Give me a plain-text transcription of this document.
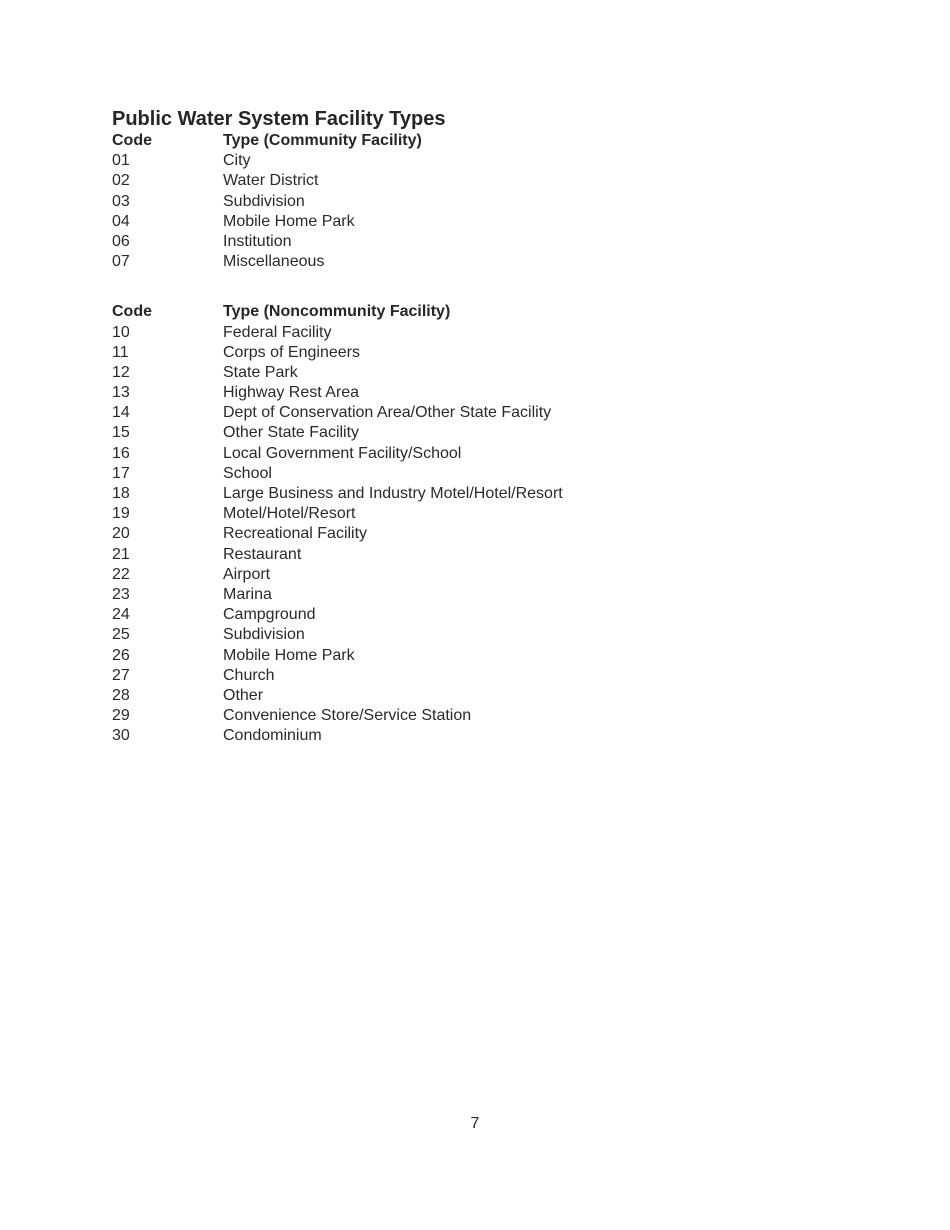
Public Water System Facility Types
Code	Type (Community Facility)
01	City
02	Water District
03	Subdivision
04	Mobile Home Park
06	Institution
07	Miscellaneous
Code	Type (Noncommunity Facility)
10	Federal Facility
11	Corps of Engineers
12	State Park
13	Highway Rest Area
14	Dept of Conservation Area/Other State Facility
15	Other State Facility
16	Local Government Facility/School
17	School
18	Large Business and Industry Motel/Hotel/Resort
19	Motel/Hotel/Resort
20	Recreational Facility
21	Restaurant
22	Airport
23	Marina
24	Campground
25	Subdivision
26	Mobile Home Park
27	Church
28	Other
29	Convenience Store/Service Station
30	Condominium
7
